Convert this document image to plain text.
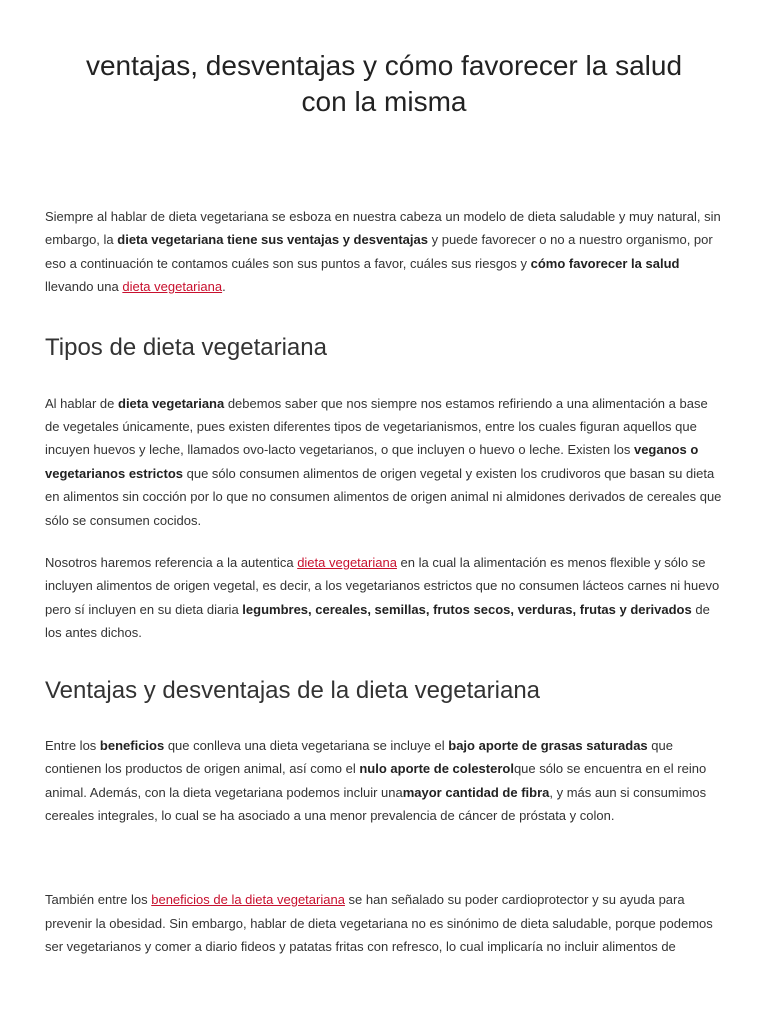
ventajas, desventajas y cómo favorecer la salud con la misma

Siempre al hablar de dieta vegetariana se esboza en nuestra cabeza un modelo de dieta saludable y muy natural, sin embargo, la dieta vegetariana tiene sus ventajas y desventajas y puede favorecer o no a nuestro organismo, por eso a continuación te contamos cuáles son sus puntos a favor, cuáles sus riesgos y cómo favorecer la salud llevando una dieta vegetariana.

Tipos de dieta vegetariana

Al hablar de dieta vegetariana debemos saber que nos siempre nos estamos refiriendo a una alimentación a base de vegetales únicamente, pues existen diferentes tipos de vegetarianismos, entre los cuales figuran aquellos que incuyen huevos y leche, llamados ovo-lacto vegetarianos, o que incluyen o huevo o leche. Existen los veganos o vegetarianos estrictos que sólo consumen alimentos de origen vegetal y existen los crudivoros que basan su dieta en alimentos sin cocción por lo que no consumen alimentos de origen animal ni almidones derivados de cereales que sólo se consumen cocidos.

Nosotros haremos referencia a la autentica dieta vegetariana en la cual la alimentación es menos flexible y sólo se incluyen alimentos de origen vegetal, es decir, a los vegetarianos estrictos que no consumen lácteos carnes ni huevo pero sí incluyen en su dieta diaria legumbres, cereales, semillas, frutos secos, verduras, frutas y derivados de los antes dichos.

Ventajas y desventajas de la dieta vegetariana

Entre los beneficios que conlleva una dieta vegetariana se incluye el bajo aporte de grasas saturadas que contienen los productos de origen animal, así como el nulo aporte de colesterolque sólo se encuentra en el reino animal. Además, con la dieta vegetariana podemos incluir unamayor cantidad de fibra, y más aun si consumimos cereales integrales, lo cual se ha asociado a una menor prevalencia de cáncer de próstata y colon.

También entre los beneficios de la dieta vegetariana se han señalado su poder cardioprotector y su ayuda para prevenir la obesidad. Sin embargo, hablar de dieta vegetariana no es sinónimo de dieta saludable, porque podemos ser vegetarianos y comer a diario fideos y patatas fritas con refresco, lo cual implicaría no incluir alimentos de
